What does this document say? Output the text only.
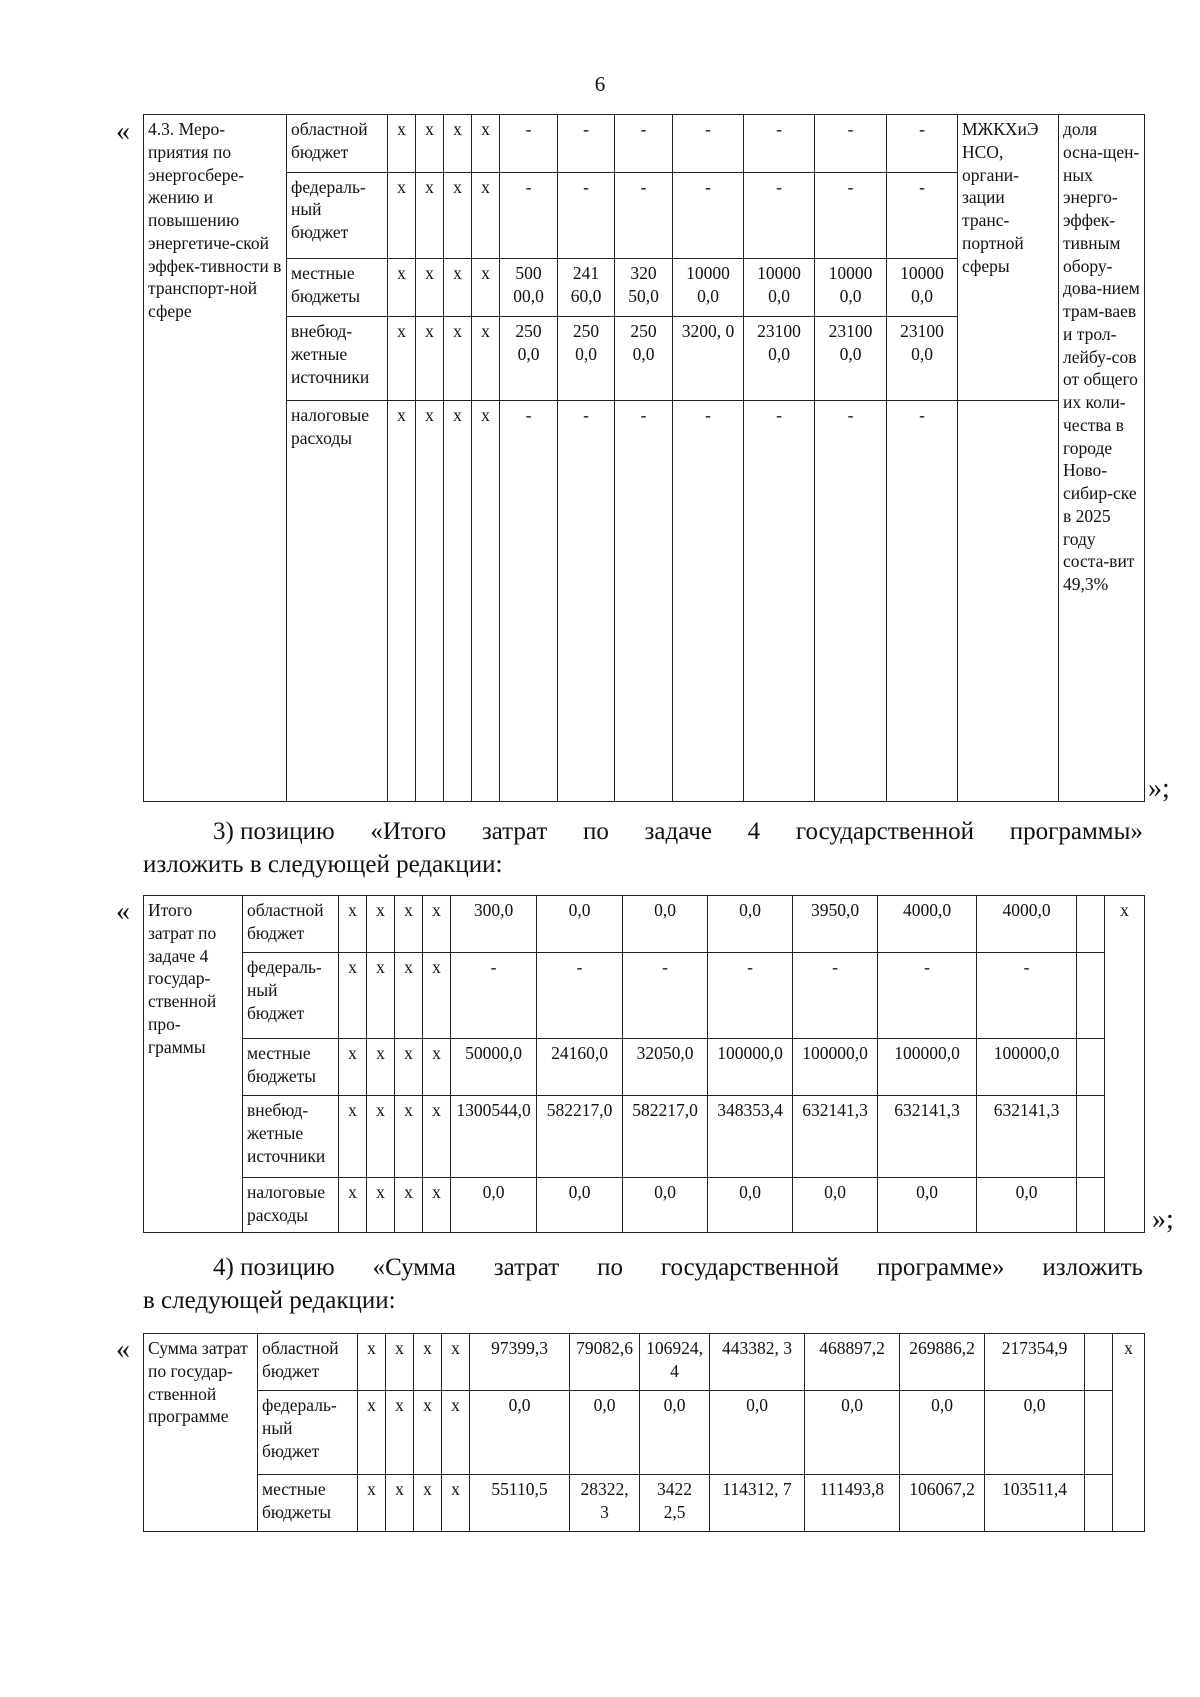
6
« 4.3. Меро-приятия по энергосбере-жению и повышению энергетиче-ской эффек-тивности в транспорт-ной сфере	областной бюджет	x	x	x	x	-	-	-	-	-	-	-	МЖКХиЭ НСО, органи-зации транс-портной сферы	доля осна-щен-ных энерго-эффек-тивным обору-дова-нием трам-ваев и трол-лейбу-сов от общего их коли-чества в городе Ново-сибир-ске в 2025 году соста-вит 49,3%
	федераль-ный бюджет	x	x	x	x	-	-	-	-	-	-	-		
	местные бюджеты	x	x	x	x	500 00,0	241 60,0	320 50,0	10000 0,0	10000 0,0	10000 0,0	10000 0,0		
	внебюд-жетные источники	x	x	x	x	250 0,0	250 0,0	250 0,0	3200, 0	23100 0,0	23100 0,0	23100 0,0		
	налоговые расходы	x	x	x	x	-	-	-	-	-	-	-		
»;
3) позицию «Итого затрат по задаче 4 государственной программы»
изложить в следующей редакции:
« Итого затрат по задаче 4 государ-ственной про-граммы	областной бюджет	x	x	x	x	300,0	0,0	0,0	0,0	3950,0	4000,0	4000,0		x
	федераль-ный бюджет	x	x	x	x	-	-	-	-	-	-	-		
	местные бюджеты	x	x	x	x	50000,0	24160,0	32050,0	100000,0	100000,0	100000,0	100000,0		
	внебюд-жетные источники	x	x	x	x	1300544,0	582217,0	582217,0	348353,4	632141,3	632141,3	632141,3		
	налоговые расходы	x	x	x	x	0,0	0,0	0,0	0,0	0,0	0,0	0,0		
»;
4) позицию «Сумма затрат по государственной программе» изложить
в следующей редакции:
« Сумма затрат по государ-ственной программе	областной бюджет	x	x	x	x	97399,3	79082,6	106924, 4	443382, 3	468897,2	269886,2	217354,9		x
	федераль-ный бюджет	x	x	x	x	0,0	0,0	0,0	0,0	0,0	0,0	0,0		
	местные бюджеты	x	x	x	x	55110,5	28322, 3	3422 2,5	114312, 7	111493,8	106067,2	103511,4		
